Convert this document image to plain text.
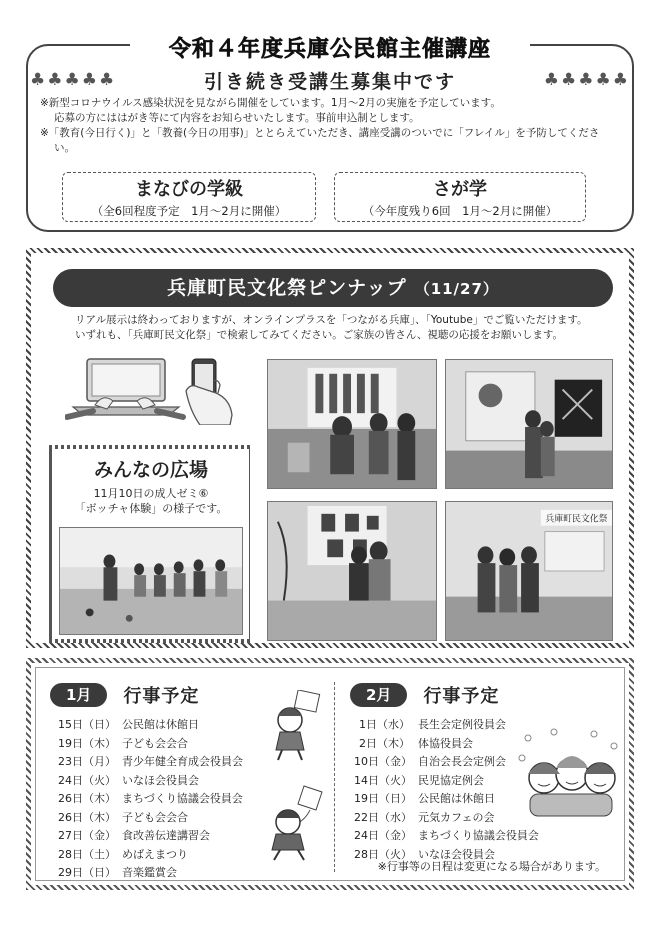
令和４年度兵庫公民館主催講座
♣♣♣♣♣	引き続き受講生募集中です	♣♣♣♣♣

※新型コロナウイルス感染状況を見ながら開催をしています。1月～2月の実施を予定しています。

応募の方にははがき等にて内容をお知らせいたします。事前申込制とします。

※「教育(今日行く)」と「教養(今日の用事)」ととらえていただき、講座受講のついでに「フレイル」を予防してください。

まなびの学級
（全6回程度予定　1月～2月に開催）
さが学
（今年度残り6回　1月～2月に開催）
兵庫町民文化祭ピンナップ （11/27）

リアル展示は終わっておりますが、オンラインプラスを「つながる兵庫」、「Youtube」でご覧いただけます。

いずれも、「兵庫町民文化祭」で検索してみてください。ご家族の皆さん、視聴の応援をお願いします。

兵庫町民文化祭
みんなの広場
11月10日の成人ゼミ⑥
「ボッチャ体験」の様子です。
1月	行事予定
15日（日） 公民館は休館日
19日（木） 子ども会会合
23日（月） 青少年健全育成会役員会
24日（火） いなほ会役員会
26日（木） まちづくり協議会役員会
26日（木） 子ども会会合
27日（金） 食改善伝達講習会
28日（土） めばえまつり
29日（日） 音楽鑑賞会
2月	行事予定
1日（水） 長生会定例役員会
2日（木） 体協役員会
10日（金） 自治会長会定例会
14日（火） 民児協定例会
19日（日） 公民館は休館日
22日（水） 元気カフェの会
24日（金） まちづくり協議会役員会
28日（火） いなほ会役員会
※行事等の日程は変更になる場合があります。
